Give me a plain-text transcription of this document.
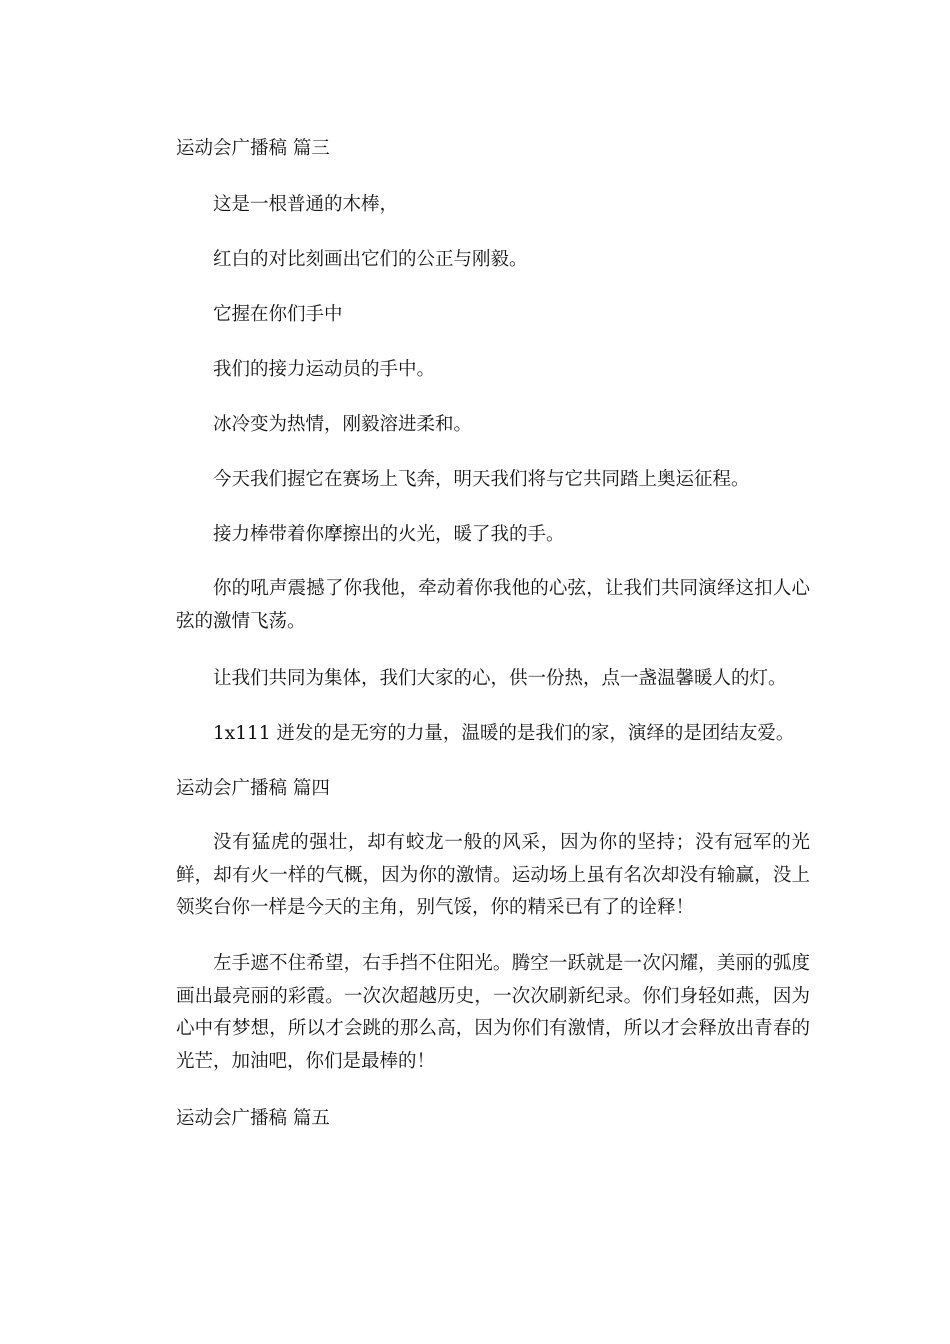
运动会广播稿 篇三
这是一根普通的木棒，
红白的对比刻画出它们的公正与刚毅。
它握在你们手中
我们的接力运动员的手中。
冰冷变为热情，刚毅溶进柔和。
今天我们握它在赛场上飞奔，明天我们将与它共同踏上奥运征程。
接力棒带着你摩擦出的火光，暖了我的手。
你的吼声震撼了你我他，牵动着你我他的心弦，让我们共同演绎这扣人心弦的激情飞荡。
让我们共同为集体，我们大家的心，供一份热，点一盏温馨暖人的灯。
1x111 迸发的是无穷的力量，温暖的是我们的家，演绎的是团结友爱。
运动会广播稿 篇四
没有猛虎的强壮，却有蛟龙一般的风采，因为你的坚持；没有冠军的光鲜，却有火一样的气概，因为你的激情。运动场上虽有名次却没有输赢，没上领奖台你一样是今天的主角，别气馁，你的精采已有了的诠释！
左手遮不住希望，右手挡不住阳光。腾空一跃就是一次闪耀，美丽的弧度画出最亮丽的彩霞。一次次超越历史，一次次刷新纪录。你们身轻如燕，因为心中有梦想，所以才会跳的那么高，因为你们有激情，所以才会释放出青春的光芒，加油吧，你们是最棒的！
运动会广播稿 篇五
